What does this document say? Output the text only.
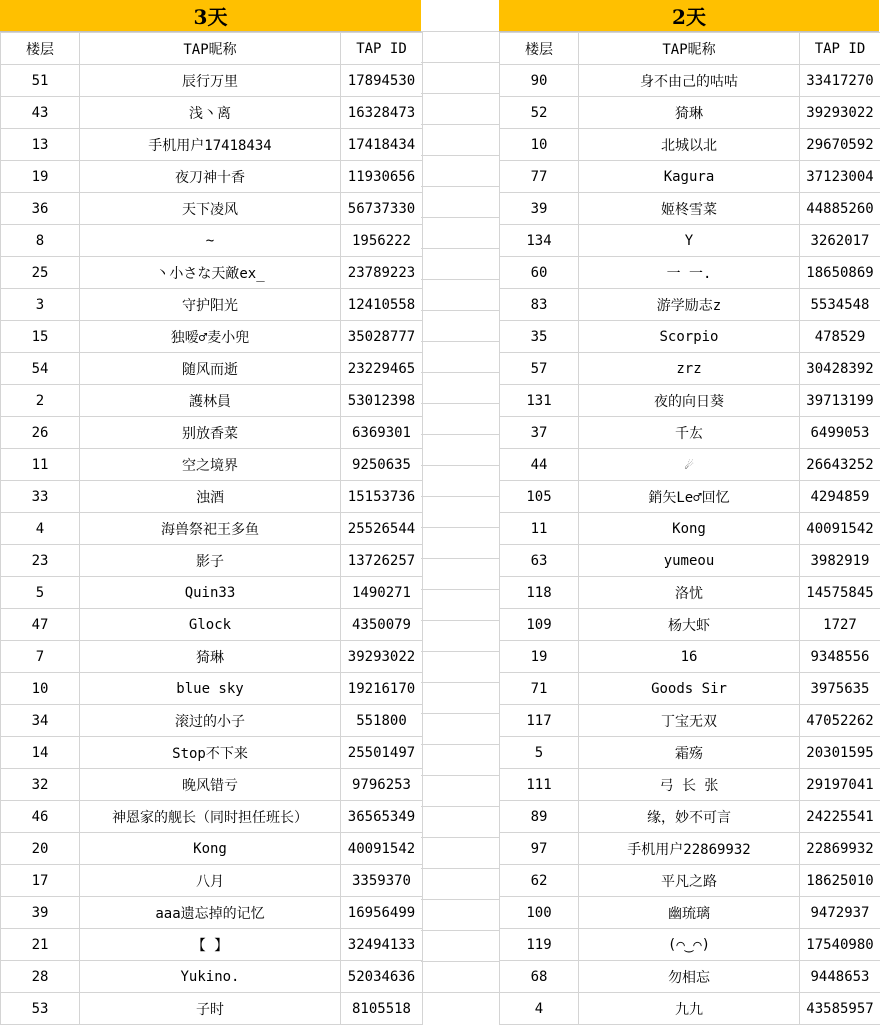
3天
楼层	TAP昵称	TAP ID
51	辰行万里	17894530
43	浅丶离	16328473
13	手机用户17418434	17418434
19	夜刀神十香	11930656
36	天下凌风	56737330
8	~	1956222
25	丶小さな天敵ex_	23789223
3	守护阳光	12410558
15	独嗳♂麦小兜	35028777
54	随风而逝	23229465
2	護林員	53012398
26	别放香菜	6369301
11	空之境界	9250635
33	浊酒	15153736
4	海兽祭祀王多鱼	25526544
23	影子	13726257
5	Quin33	1490271
47	Glock	4350079
7	猗琳	39293022
10	blue sky	19216170
34	滚过的小子	551800
14	Stop不下来	25501497
32	晚风错亏	9796253
46	神恩家的舰长（同时担任班长）	36565349
20	Kong	40091542
17	八月	3359370
39	aaa遗忘掉的记忆	16956499
21	【 】	32494133
28	Yukino.	52034636
53	子时	8105518
2天
楼层	TAP昵称	TAP ID
90	身不由己的咕咕	33417270
52	猗琳	39293022
10	北城以北	29670592
77	Kagura	37123004
39	姬柊雪菜	44885260
134	Y	3262017
60	一 一.	18650869
83	游学励志z	5534548
35	Scorpio	478529
57	zrz	30428392
131	夜的向日葵	39713199
37	千厷	6499053
44	☄	26643252
105	銷矢Le♂回忆	4294859
11	Kong	40091542
63	yumeou	3982919
118	洛忧	14575845
109	杨大虾	1727
19	16	9348556
71	Goods Sir	3975635
117	丁宝无双	47052262
5	霜殇	20301595
111	弓 长 张	29197041
89	缘，妙不可言	24225541
97	手机用户22869932	22869932
62	平凡之路	18625010
100	幽琉璃	9472937
119	(⌒‿⌒)	17540980
68	勿相忘	9448653
4	九九	43585957
